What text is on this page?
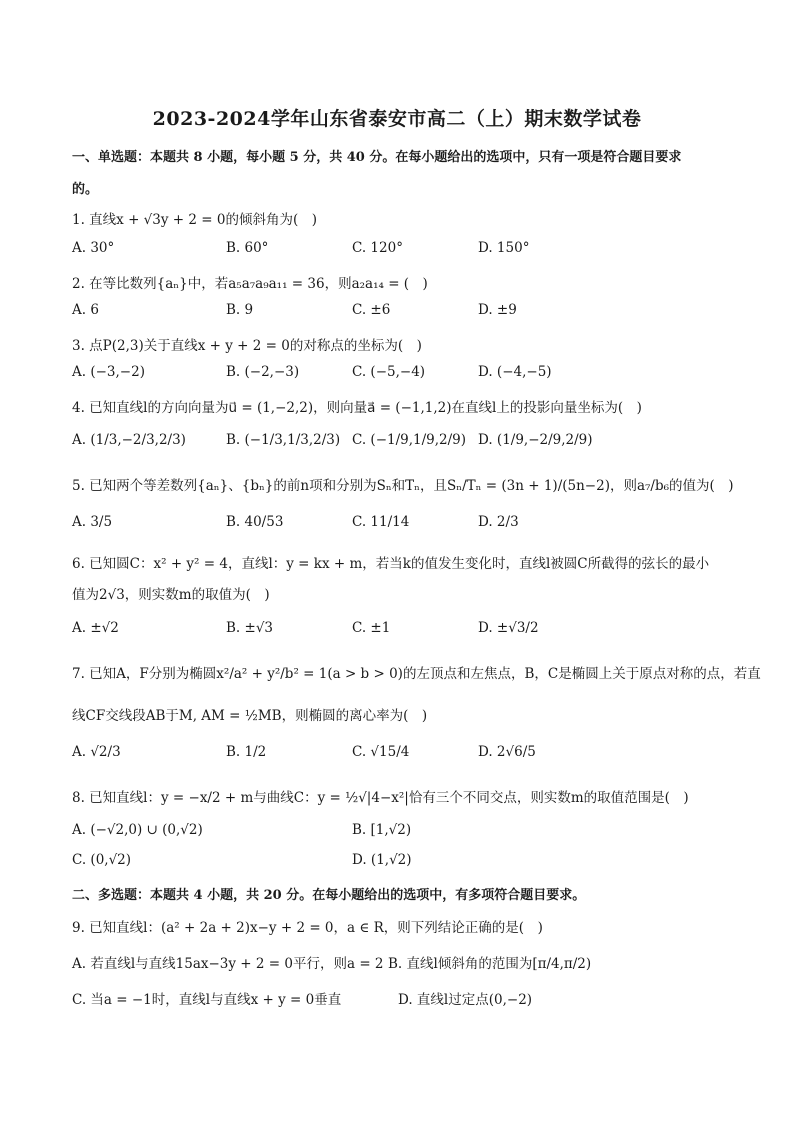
2023-2024学年山东省泰安市高二（上）期末数学试卷
一、单选题：本题共 8 小题，每小题 5 分，共 40 分。在每小题给出的选项中，只有一项是符合题目要求
的。
1. 直线x + √3y + 2 = 0的倾斜角为(　)
A. 30°	B. 60°	C. 120°	D. 150°
2. 在等比数列{aₙ}中，若a₅a₇a₉a₁₁ = 36，则a₂a₁₄ = (　)
A. 6	B. 9	C. ±6	D. ±9
3. 点P(2,3)关于直线x + y + 2 = 0的对称点的坐标为(　)
A. (−3,−2)	B. (−2,−3)	C. (−5,−4)	D. (−4,−5)
4. 已知直线l的方向向量为u⃗ = (1,−2,2)，则向量a⃗ = (−1,1,2)在直线l上的投影向量坐标为(　)
A. (1/3,−2/3,2/3)	B. (−1/3,1/3,2/3) C. (−1/9,1/9,2/9) D. (1/9,−2/9,2/9)
5. 已知两个等差数列{aₙ}、{bₙ}的前n项和分别为Sₙ和Tₙ，且Sₙ/Tₙ = (3n + 1)/(5n−2)，则a₇/b₆的值为(　)
A. 3/5	B. 40/53	C. 11/14	D. 2/3
6. 已知圆C：x² + y² = 4，直线l：y = kx + m，若当k的值发生变化时，直线l被圆C所截得的弦长的最小
值为2√3，则实数m的取值为(　)
A. ±√2	B. ±√3	C. ±1	D. ±√3/2
7. 已知A，F分别为椭圆x²/a² + y²/b² = 1(a > b > 0)的左顶点和左焦点，B，C是椭圆上关于原点对称的点，若直
线CF交线段AB于M, AM = ½MB，则椭圆的离心率为(　)
A. √2/3	B. 1/2	C. √15/4	D. 2√6/5
8. 已知直线l：y = −x/2 + m与曲线C：y = ½√|4−x²|恰有三个不同交点，则实数m的取值范围是(　)
A. (−√2,0) ∪ (0,√2)	B. [1,√2)
C. (0,√2)	D. (1,√2)
二、多选题：本题共 4 小题，共 20 分。在每小题给出的选项中，有多项符合题目要求。
9. 已知直线l：(a² + 2a + 2)x−y + 2 = 0，a ∈ R，则下列结论正确的是(　)
A. 若直线l与直线15ax−3y + 2 = 0平行，则a = 2 B. 直线l倾斜角的范围为[π/4,π/2)
C. 当a = −1时，直线l与直线x + y = 0垂直	D. 直线l过定点(0,−2)
